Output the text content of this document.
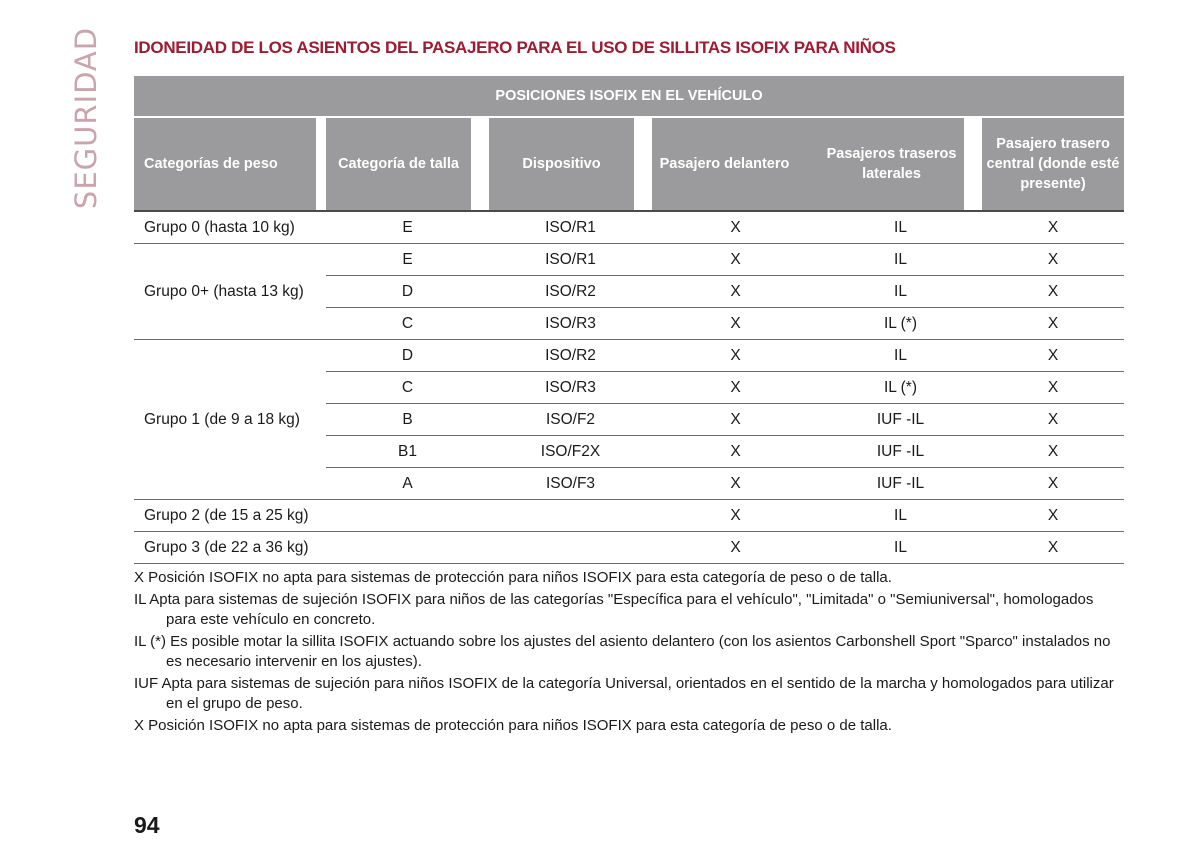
SEGURIDAD IDONEIDAD DE LOS ASIENTOS DEL PASAJERO PARA EL USO DE SILLITAS ISOFIX PARA NIÑOS
POSICIONES ISOFIX EN EL VEHÍCULO										
Categorías de peso		Categoría de talla		Dispositivo		Pasajero delantero		Pasajeros traseros laterales		Pasajero trasero central (donde esté presente)
Grupo 0 (hasta 10 kg)		E		ISO/R1		X		IL		X
Grupo 0+ (hasta 13 kg)		E		ISO/R1		X		IL		X
		D		ISO/R2		X		IL		X
		C		ISO/R3		X		IL (*)		X
Grupo 1 (de 9 a 18 kg)		D		ISO/R2		X		IL		X
		C		ISO/R3		X		IL (*)		X
		B		ISO/F2		X		IUF -IL		X
		B1		ISO/F2X		X		IUF -IL		X
		A		ISO/F3		X		IUF -IL		X
Grupo 2 (de 15 a 25 kg)						X		IL		X
Grupo 3 (de 22 a 36 kg)						X		IL		X

X Posición ISOFIX no apta para sistemas de protección para niños ISOFIX para esta categoría de peso o de talla.

IL Apta para sistemas de sujeción ISOFIX para niños de las categorías "Específica para el vehículo", "Limitada" o "Semiuniversal", homologados para este vehículo en concreto.

IL (*) Es posible motar la sillita ISOFIX actuando sobre los ajustes del asiento delantero (con los asientos Carbonshell Sport "Sparco" instalados no es necesario intervenir en los ajustes).

IUF Apta para sistemas de sujeción para niños ISOFIX de la categoría Universal, orientados en el sentido de la marcha y homologados para utilizar en el grupo de peso.

X Posición ISOFIX no apta para sistemas de protección para niños ISOFIX para esta categoría de peso o de talla.

94
